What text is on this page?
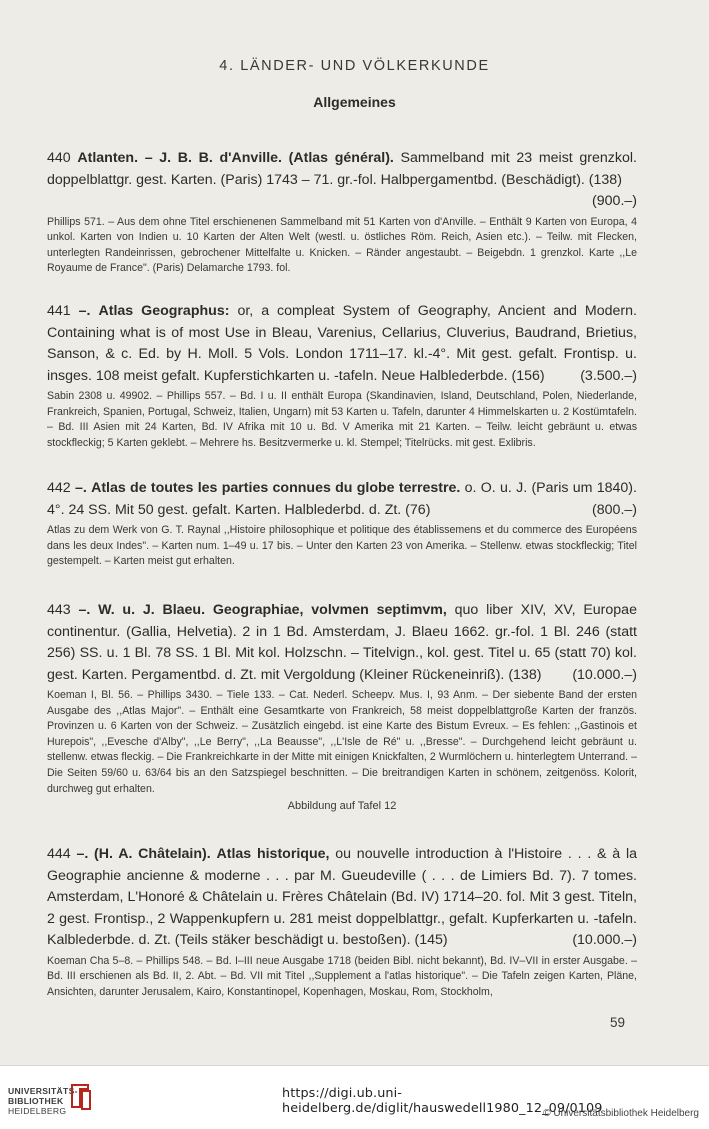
4. LÄNDER- UND VÖLKERKUNDE
Allgemeines

440 Atlanten. – J. B. B. d'Anville. (Atlas général). Sammelband mit 23 meist grenzkol. doppelblattgr. gest. Karten. (Paris) 1743 – 71. gr.-fol. Halbpergamentbd. (Beschädigt). (138)

(900.–)

Phillips 571. – Aus dem ohne Titel erschienenen Sammelband mit 51 Karten von d'Anville. – Enthält 9 Karten von Europa, 4 unkol. Karten von Indien u. 10 Karten der Alten Welt (westl. u. östliches Röm. Reich, Asien etc.). – Teilw. mit Flecken, unterlegten Randeinrissen, gebrochener Mittelfalte u. Knicken. – Ränder angestaubt. – Beigebdn. 1 grenzkol. Karte ,,Le Royaume de France". (Paris) Delamarche 1793. fol.

441 –. Atlas Geographus: or, a compleat System of Geography, Ancient and Modern. Containing what is of most Use in Bleau, Varenius, Cellarius, Cluverius, Baudrand, Brietius, Sanson, & c. Ed. by H. Moll. 5 Vols. London 1711–17. kl.-4°. Mit gest. gefalt. Frontisp. u. insges. 108 meist gefalt. Kupferstichkarten u. -tafeln. Neue Halblederbde. (156)	(3.500.–)

Sabin 2308 u. 49902. – Phillips 557. – Bd. I u. II enthält Europa (Skandinavien, Island, Deutschland, Polen, Niederlande, Frankreich, Spanien, Portugal, Schweiz, Italien, Ungarn) mit 53 Karten u. Tafeln, darunter 4 Himmelskarten u. 2 Kostümtafeln. – Bd. III Asien mit 24 Karten, Bd. IV Afrika mit 10 u. Bd. V Amerika mit 21 Karten. – Teilw. leicht gebräunt u. etwas stockfleckig; 5 Karten geklebt. – Mehrere hs. Besitzvermerke u. kl. Stempel; Titelrücks. mit gest. Exlibris.

442 –. Atlas de toutes les parties connues du globe terrestre. o. O. u. J. (Paris um 1840). 4°. 24 SS. Mit 50 gest. gefalt. Karten. Halblederbd. d. Zt. (76)	(800.–)

Atlas zu dem Werk von G. T. Raynal ,,Histoire philosophique et politique des établissemens et du commerce des Européens dans les deux Indes". – Karten num. 1–49 u. 17 bis. – Unter den Karten 23 von Amerika. – Stellenw. etwas stockfleckig; Titel gestempelt. – Karten meist gut erhalten.

443 –. W. u. J. Blaeu. Geographiae, volvmen septimvm, quo liber XIV, XV, Europae continentur. (Gallia, Helvetia). 2 in 1 Bd. Amsterdam, J. Blaeu 1662. gr.-fol. 1 Bl. 246 (statt 256) SS. u. 1 Bl. 78 SS. 1 Bl. Mit kol. Holzschn. – Titelvign., kol. gest. Titel u. 65 (statt 70) kol. gest. Karten. Pergamentbd. d. Zt. mit Vergoldung (Kleiner Rückeneinriß). (138) (10.000.–)

Koeman I, Bl. 56. – Phillips 3430. – Tiele 133. – Cat. Nederl. Scheepv. Mus. I, 93 Anm. – Der siebente Band der ersten Ausgabe des ,,Atlas Major". – Enthält eine Gesamtkarte von Frankreich, 58 meist doppelblattgroße Karten der französ. Provinzen u. 6 Karten von der Schweiz. – Zusätzlich eingebd. ist eine Karte des Bistum Evreux. – Es fehlen: ,,Gastinois et Hurepois", ,,Evesche d'Alby", ,,Le Berry", ,,La Beausse", ,,L'Isle de Ré" u. ,,Bresse". – Durchgehend leicht gebräunt u. stellenw. etwas fleckig. – Die Frankreichkarte in der Mitte mit einigen Knickfalten, 2 Wurmlöchern u. hinterlegtem Unterrand. – Die Seiten 59/60 u. 63/64 bis an den Satzspiegel beschnitten. – Die breitrandigen Karten in schönem, zeitgenöss. Kolorit, durchweg gut erhalten.

Abbildung auf Tafel 12

444 –. (H. A. Châtelain). Atlas historique, ou nouvelle introduction à l'Histoire . . . & à la Geographie ancienne & moderne . . . par M. Gueudeville ( . . . de Limiers Bd. 7). 7 tomes. Amsterdam, L'Honoré & Châtelain u. Frères Châtelain (Bd. IV) 1714–20. fol. Mit 3 gest. Titeln, 2 gest. Frontisp., 2 Wappenkupfern u. 281 meist doppelblattgr., gefalt. Kupferkarten u. -tafeln. Kalblederbde. d. Zt. (Teils stäker beschädigt u. bestoßen). (145)	(10.000.–)

Koeman Cha 5–8. – Phillips 548. – Bd. I–III neue Ausgabe 1718 (beiden Bibl. nicht bekannt), Bd. IV–VII in erster Ausgabe. – Bd. III erschienen als Bd. II, 2. Abt. – Bd. VII mit Titel ,,Supplement a l'atlas historique". – Die Tafeln zeigen Karten, Pläne, Ansichten, darunter Jerusalem, Kairo, Konstantinopel, Kopenhagen, Moskau, Rom, Stockholm,

59
UNIVERSITÄTS-
BIBLIOTHEK
HEIDELBERG
https://digi.ub.uni-heidelberg.de/diglit/hauswedell1980_12_09/0109
© Universitätsbibliothek Heidelberg
